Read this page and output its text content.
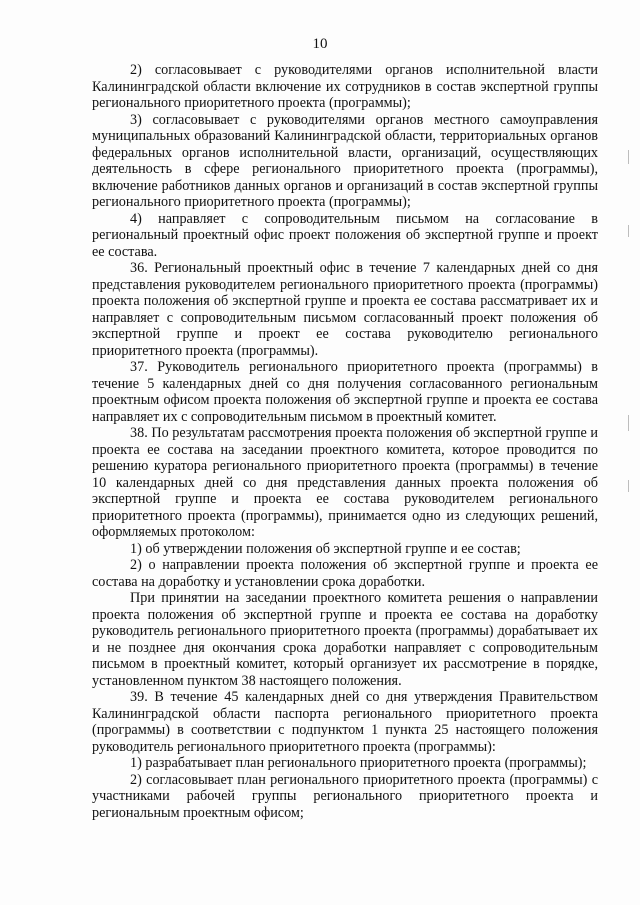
10

2) согласовывает с руководителями органов исполнительной власти Калининградской области включение их сотрудников в состав экспертной группы регионального приоритетного проекта (программы);

3) согласовывает с руководителями органов местного самоуправления муниципальных образований Калининградской области, территориальных органов федеральных органов исполнительной власти, организаций, осуществляющих деятельность в сфере регионального приоритетного проекта (программы), включение работников данных органов и организаций в состав экспертной группы регионального приоритетного проекта (программы);

4) направляет с сопроводительным письмом на согласование в региональный проектный офис проект положения об экспертной группе и проект ее состава.

36. Региональный проектный офис в течение 7 календарных дней со дня представления руководителем регионального приоритетного проекта (программы) проекта положения об экспертной группе и проекта ее состава рассматривает их и направляет с сопроводительным письмом согласованный проект положения об экспертной группе и проект ее состава руководителю регионального приоритетного проекта (программы).

37. Руководитель регионального приоритетного проекта (программы) в течение 5 календарных дней со дня получения согласованного региональным проектным офисом проекта положения об экспертной группе и проекта ее состава направляет их с сопроводительным письмом в проектный комитет.

38. По результатам рассмотрения проекта положения об экспертной группе и проекта ее состава на заседании проектного комитета, которое проводится по решению куратора регионального приоритетного проекта (программы) в течение 10 календарных дней со дня представления данных проекта положения об экспертной группе и проекта ее состава руководителем регионального приоритетного проекта (программы), принимается одно из следующих решений, оформляемых протоколом:

1) об утверждении положения об экспертной группе и ее состав;

2) о направлении проекта положения об экспертной группе и проекта ее состава на доработку и установлении срока доработки.

При принятии на заседании проектного комитета решения о направлении проекта положения об экспертной группе и проекта ее состава на доработку руководитель регионального приоритетного проекта (программы) дорабатывает их и не позднее дня окончания срока доработки направляет с сопроводительным письмом в проектный комитет, который организует их рассмотрение в порядке, установленном пунктом 38 настоящего положения.

39. В течение 45 календарных дней со дня утверждения Правительством Калининградской области паспорта регионального приоритетного проекта (программы) в соответствии с подпунктом 1 пункта 25 настоящего положения руководитель регионального приоритетного проекта (программы):

1) разрабатывает план регионального приоритетного проекта (программы);

2) согласовывает план регионального приоритетного проекта (программы) с участниками рабочей группы регионального приоритетного проекта и региональным проектным офисом;
